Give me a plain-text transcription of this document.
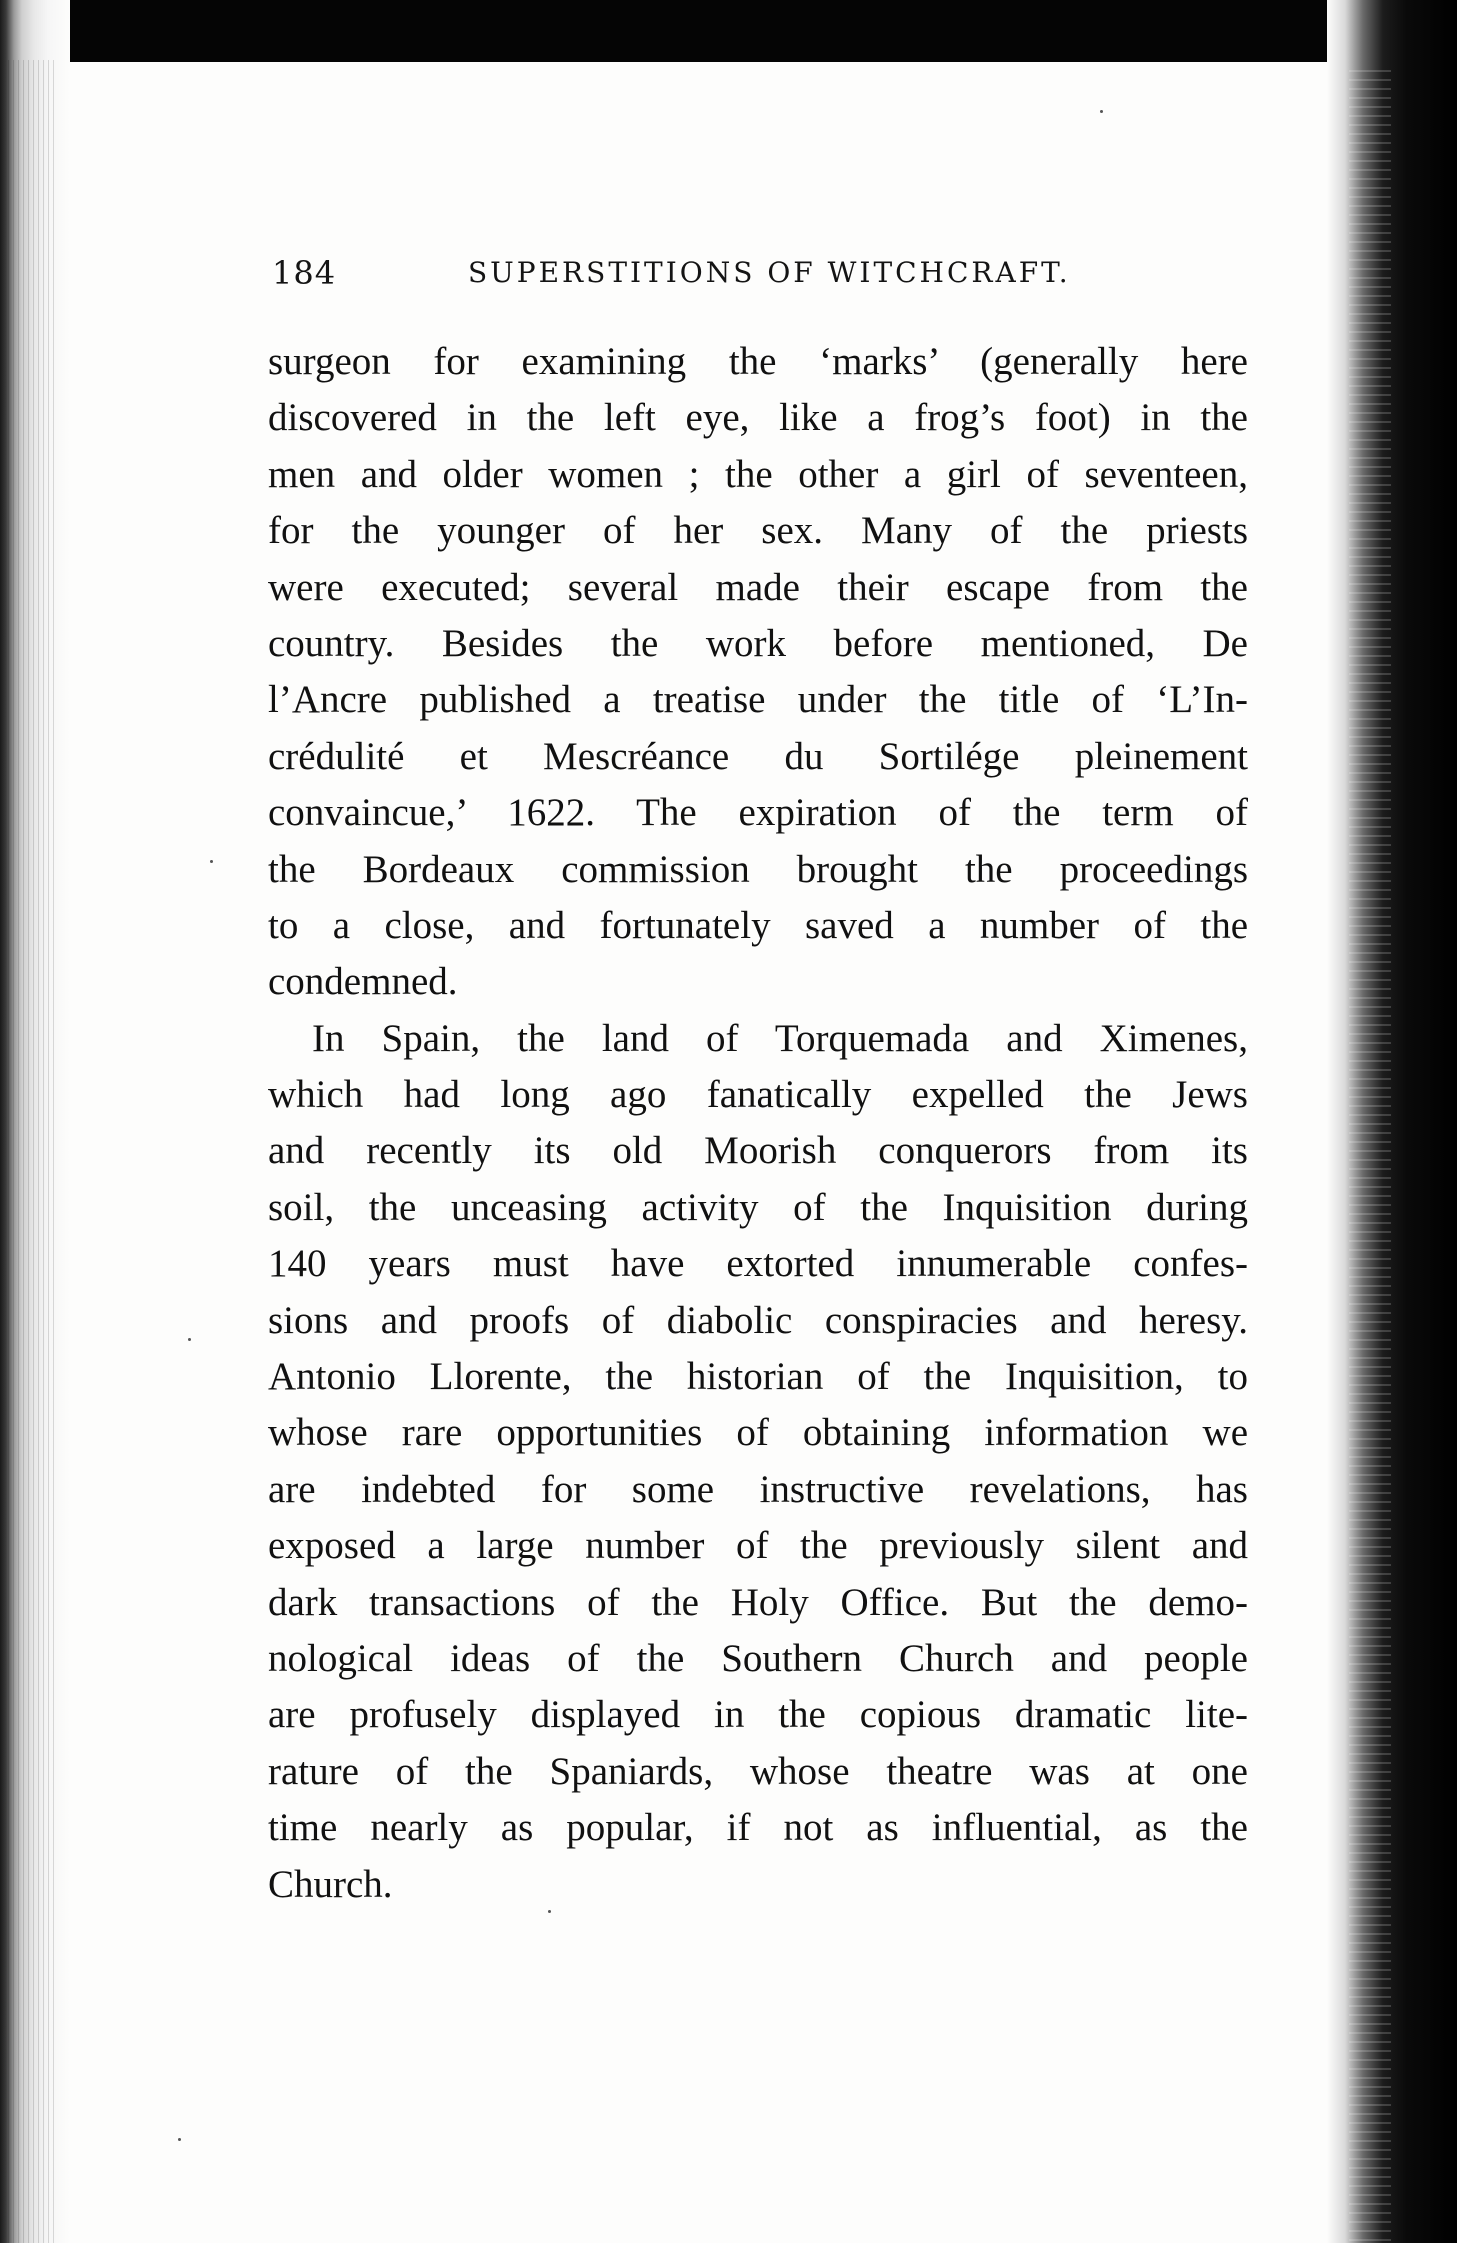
184	SUPERSTITIONS OF WITCHCRAFT.
surgeon for examining the ‘marks’ (generally here
discovered in the left eye, like a frog’s foot) in the
men and older women ; the other a girl of seventeen,
for the younger of her sex. Many of the priests
were executed; several made their escape from the
country. Besides the work before mentioned, De
l’Ancre published a treatise under the title of ‘L’In-
crédulité et Mescréance du Sortilége pleinement
convaincue,’ 1622. The expiration of the term of
the Bordeaux commission brought the proceedings
to a close, and fortunately saved a number of the
condemned.
In Spain, the land of Torquemada and Ximenes,
which had long ago fanatically expelled the Jews
and recently its old Moorish conquerors from its
soil, the unceasing activity of the Inquisition during
140 years must have extorted innumerable confes-
sions and proofs of diabolic conspiracies and heresy.
Antonio Llorente, the historian of the Inquisition, to
whose rare opportunities of obtaining information we
are indebted for some instructive revelations, has
exposed a large number of the previously silent and
dark transactions of the Holy Office. But the demo-
nological ideas of the Southern Church and people
are profusely displayed in the copious dramatic lite-
rature of the Spaniards, whose theatre was at one
time nearly as popular, if not as influential, as the
Church.
